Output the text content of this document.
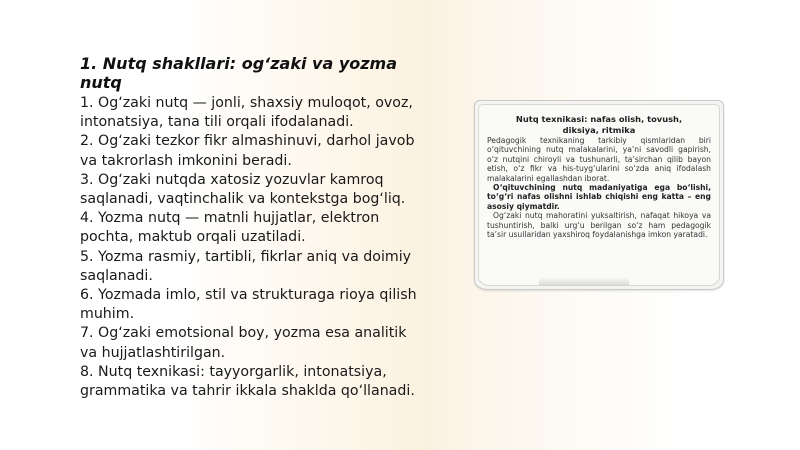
1. Nutq shakllari: og‘zaki va yozma nutq
1. Og‘zaki nutq — jonli, shaxsiy muloqot, ovoz, intonatsiya, tana tili orqali ifodalanadi.
2. Og‘zaki tezkor fikr almashinuvi, darhol javob va takrorlash imkonini beradi.
3. Og‘zaki nutqda xatosiz yozuvlar kamroq saqlanadi, vaqtinchalik va kontekstga bog‘liq.
4. Yozma nutq — matnli hujjatlar, elektron pochta, maktub orqali uzatiladi.
5. Yozma rasmiy, tartibli, fikrlar aniq va doimiy saqlanadi.
6. Yozmada imlo, stil va strukturaga rioya qilish muhim.
7. Og‘zaki emotsional boy, yozma esa analitik va hujjatlashtirilgan.
8. Nutq texnikasi: tayyorgarlik, intonatsiya, grammatika va tahrir ikkala shaklda qo‘llanadi.
Nutq texnikasi: nafas olish, tovush, diksiya, ritmika

Pedagogik texnikaning tarkibiy qismlaridan biri o‘qituvchining nutq malakalarini, ya’ni savodli gapirish, o‘z nutqini chiroyli va tushunarli, ta’sirchan qilib bayon etish, o‘z fikr va his-tuyg‘ularini so‘zda aniq ifodalash malakalarini egallashdan iborat.

O‘qituvchining nutq madaniyatiga ega bo‘lishi, to‘g‘ri nafas olishni ishlab chiqishi eng katta – eng asosiy qiymatdir.

Og‘zaki nutq mahoratini yuksaltirish, nafaqat hikoya va tushuntirish, balki urg‘u berilgan so‘z ham pedagogik ta’sir usullaridan yaxshiroq foydalanishga imkon yaratadi.
